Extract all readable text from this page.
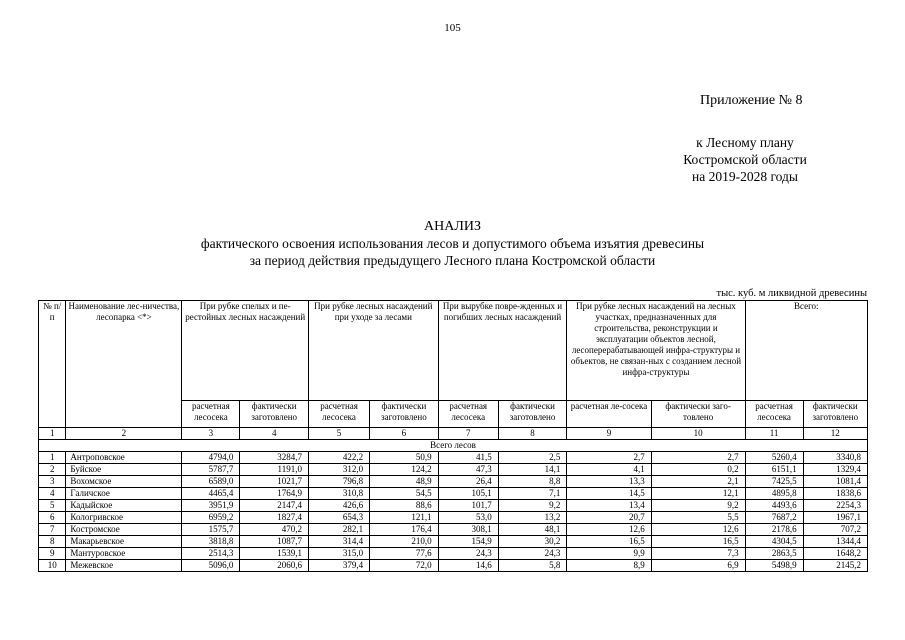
105
Приложение № 8
к Лесному плану
Костромской области
на 2019-2028 годы
АНАЛИЗ
фактического освоения использования лесов и допустимого объема изъятия древесины
за период действия предыдущего Лесного плана Костромской области
тыс. куб. м ликвидной древесины
№ п/п	Наименование лес-ничества, лесопарка <*>	При рубке спелых и пе-рестойных лесных насаждений		При рубке лесных насаждений при уходе за лесами		При вырубке повре-жденных и погибших лесных насаждений		При рубке лесных насаждений на лесных участках, предназначенных для строительства, реконструкции и эксплуатации объектов лесной, лесоперерабатывающей инфра-структуры и объектов, не связан-ных с созданием лесной инфра-структуры		Всего:	
		расчетная лесосека	фактически заготовлено	расчетная лесосека	фактически заготовлено	расчетная лесосека	фактически заготовлено	расчетная ле-сосека	фактически заго-товлено	расчетная лесосека	фактически заготовлено
1	2	3	4	5	6	7	8	9	10	11	12
Всего лесов											
1	Антроповское	4794,0	3284,7	422,2	50,9	41,5	2,5	2,7	2,7	5260,4	3340,8
2	Буйское	5787,7	1191,0	312,0	124,2	47,3	14,1	4,1	0,2	6151,1	1329,4
3	Вохомское	6589,0	1021,7	796,8	48,9	26,4	8,8	13,3	2,1	7425,5	1081,4
4	Галичское	4465,4	1764,9	310,8	54,5	105,1	7,1	14,5	12,1	4895,8	1838,6
5	Кадыйское	3951,9	2147,4	426,6	88,6	101,7	9,2	13,4	9,2	4493,6	2254,3
6	Кологривское	6959,2	1827,4	654,3	121,1	53,0	13,2	20,7	5,5	7687,2	1967,1
7	Костромское	1575,7	470,2	282,1	176,4	308,1	48,1	12,6	12,6	2178,6	707,2
8	Макарьевское	3818,8	1087,7	314,4	210,0	154,9	30,2	16,5	16,5	4304,5	1344,4
9	Мантуровское	2514,3	1539,1	315,0	77,6	24,3	24,3	9,9	7,3	2863,5	1648,2
10	Межевское	5096,0	2060,6	379,4	72,0	14,6	5,8	8,9	6,9	5498,9	2145,2
